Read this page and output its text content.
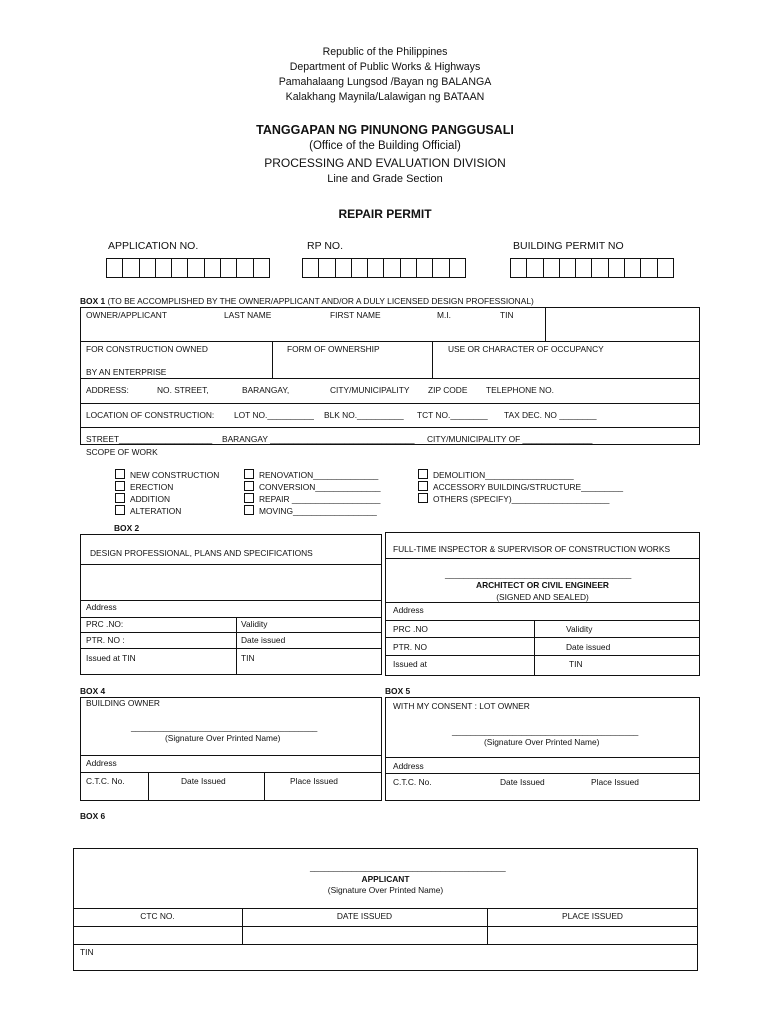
Republic of the Philippines
Department of Public Works & Highways
Pamahalaang Lungsod /Bayan ng BALANGA
Kalakhang Maynila/Lalawigan ng BATAAN
TANGGAPAN NG PINUNONG PANGGUSALI
(Office of the Building Official)
PROCESSING AND EVALUATION DIVISION
Line and Grade Section
REPAIR PERMIT
APPLICATION NO.	RP NO.	BUILDING PERMIT NO
BOX 1 (TO BE ACCOMPLISHED BY THE OWNER/APPLICANT AND/OR A DULY LICENSED DESIGN PROFESSIONAL)
OWNER/APPLICANT	LAST NAME	FIRST NAME	M.I.	TIN
FOR CONSTRUCTION OWNED
BY AN ENTERPRISE
FORM OF OWNERSHIP	USE OR CHARACTER OF OCCUPANCY
ADDRESS:	NO. STREET,	BARANGAY,	CITY/MUNICIPALITY ZIP CODE TELEPHONE NO.
LOCATION OF CONSTRUCTION: LOT NO.__________ BLK NO.__________ TCT NO.________ TAX DEC. NO ________
STREET____________________ BARANGAY _______________________________ CITY/MUNICIPALITY OF _______________
SCOPE OF WORK
NEW CONSTRUCTION
ERECTION
ADDITION
ALTERATION
RENOVATION______________
CONVERSION______________
REPAIR ___________________
MOVING__________________
DEMOLITION___________________
ACCESSORY BUILDING/STRUCTURE_________
OTHERS (SPECIFY)_____________________
BOX 2
DESIGN PROFESSIONAL, PLANS AND SPECIFICATIONS
Address
PRC .NO:	Validity
PTR. NO :	Date issued
Issued at TIN	TIN
FULL-TIME INSPECTOR & SUPERVISOR OF CONSTRUCTION WORKS
________________________________________
ARCHITECT OR CIVIL ENGINEER
(SIGNED AND SEALED)
Address
PRC .NO	Validity
PTR. NO	Date issued
Issued at	TIN
BOX 4
BUILDING OWNER
________________________________________
(Signature Over Printed Name)
Address
C.T.C. No.	Date Issued	Place Issued
BOX 5
WITH MY CONSENT : LOT OWNER
________________________________________
(Signature Over Printed Name)
Address
C.T.C. No.	Date Issued	Place Issued
BOX 6
__________________________________________
APPLICANT
(Signature Over Printed Name)
CTC NO.	DATE ISSUED	PLACE ISSUED
TIN
